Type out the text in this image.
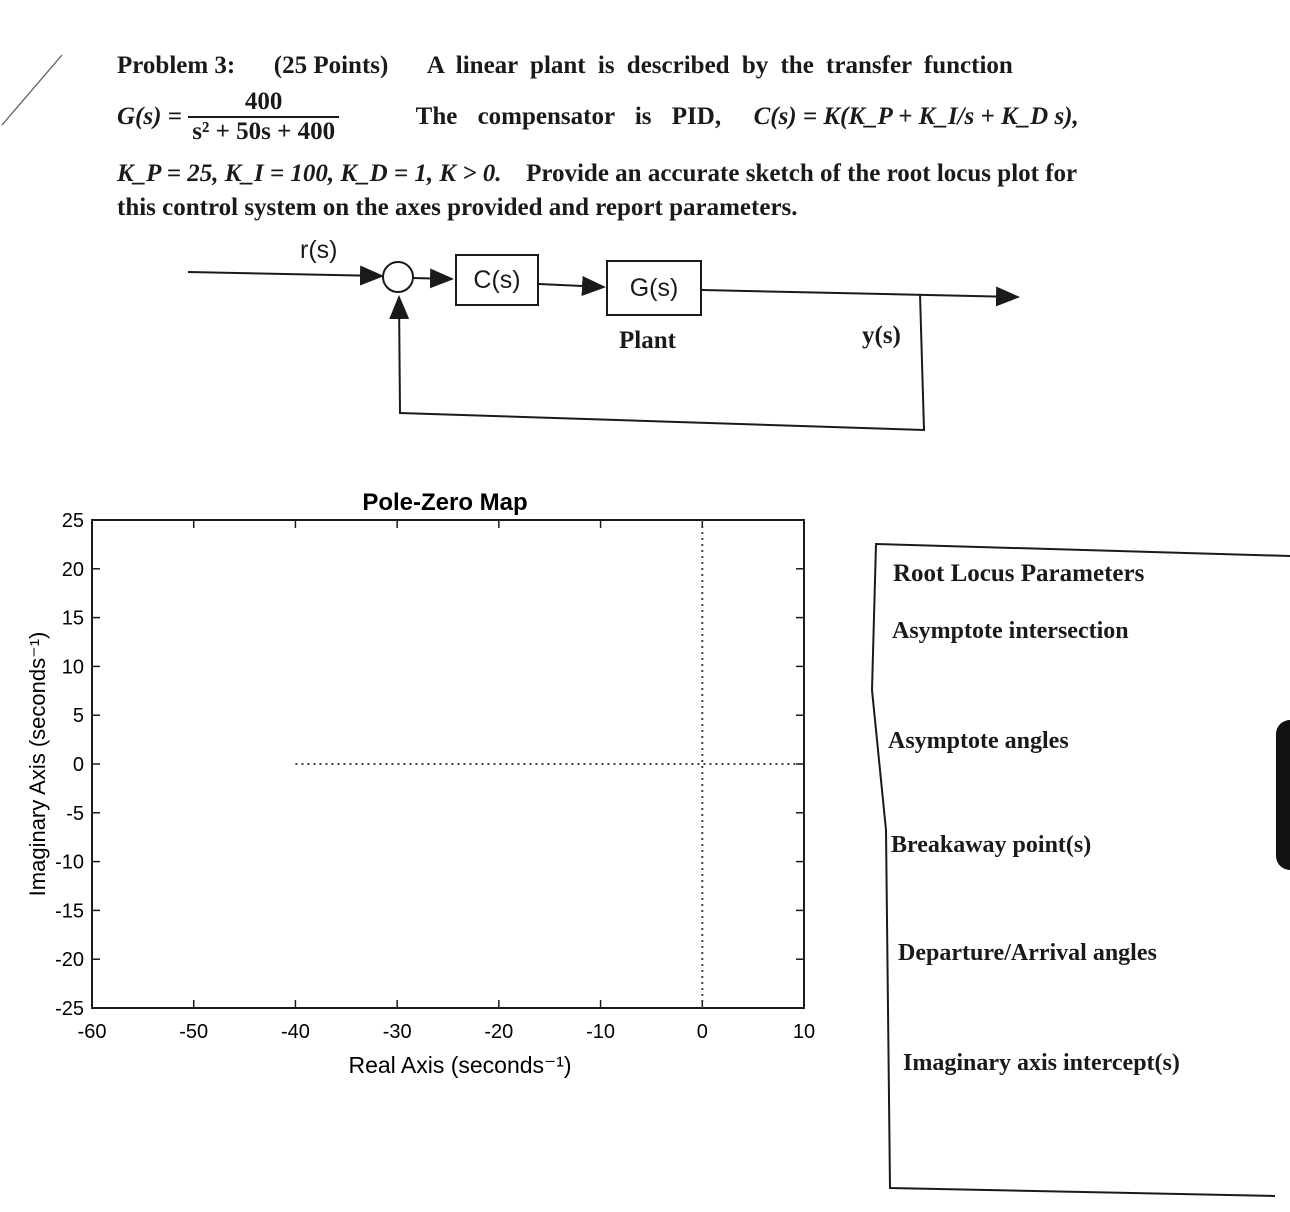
Problem 3: (25 Points) A linear plant is described by the transfer function
$G(s) = \frac{400}{\text{s² + 50s + 400}}$	The compensator is PID, C(s) = K(K_P + K_I/s + K_D s),
K_P = 25, K_I = 100, K_D = 1, K > 0. Provide an accurate sketch of the root locus plot for
this control system on the axes provided and report parameters.
r(s)
C(s)	G(s)
Plant	y(s)
Pole-Zero Map
-60	-50	-40	-30	-20	-10	0	10
25
20
15
10
5
0
-5
-10
-15
-20
-25
Real Axis (seconds⁻¹)
Imaginary Axis (seconds⁻¹)
Root Locus Parameters
Asymptote intersection
Asymptote angles
Breakaway point(s)
Departure/Arrival angles
Imaginary axis intercept(s)
